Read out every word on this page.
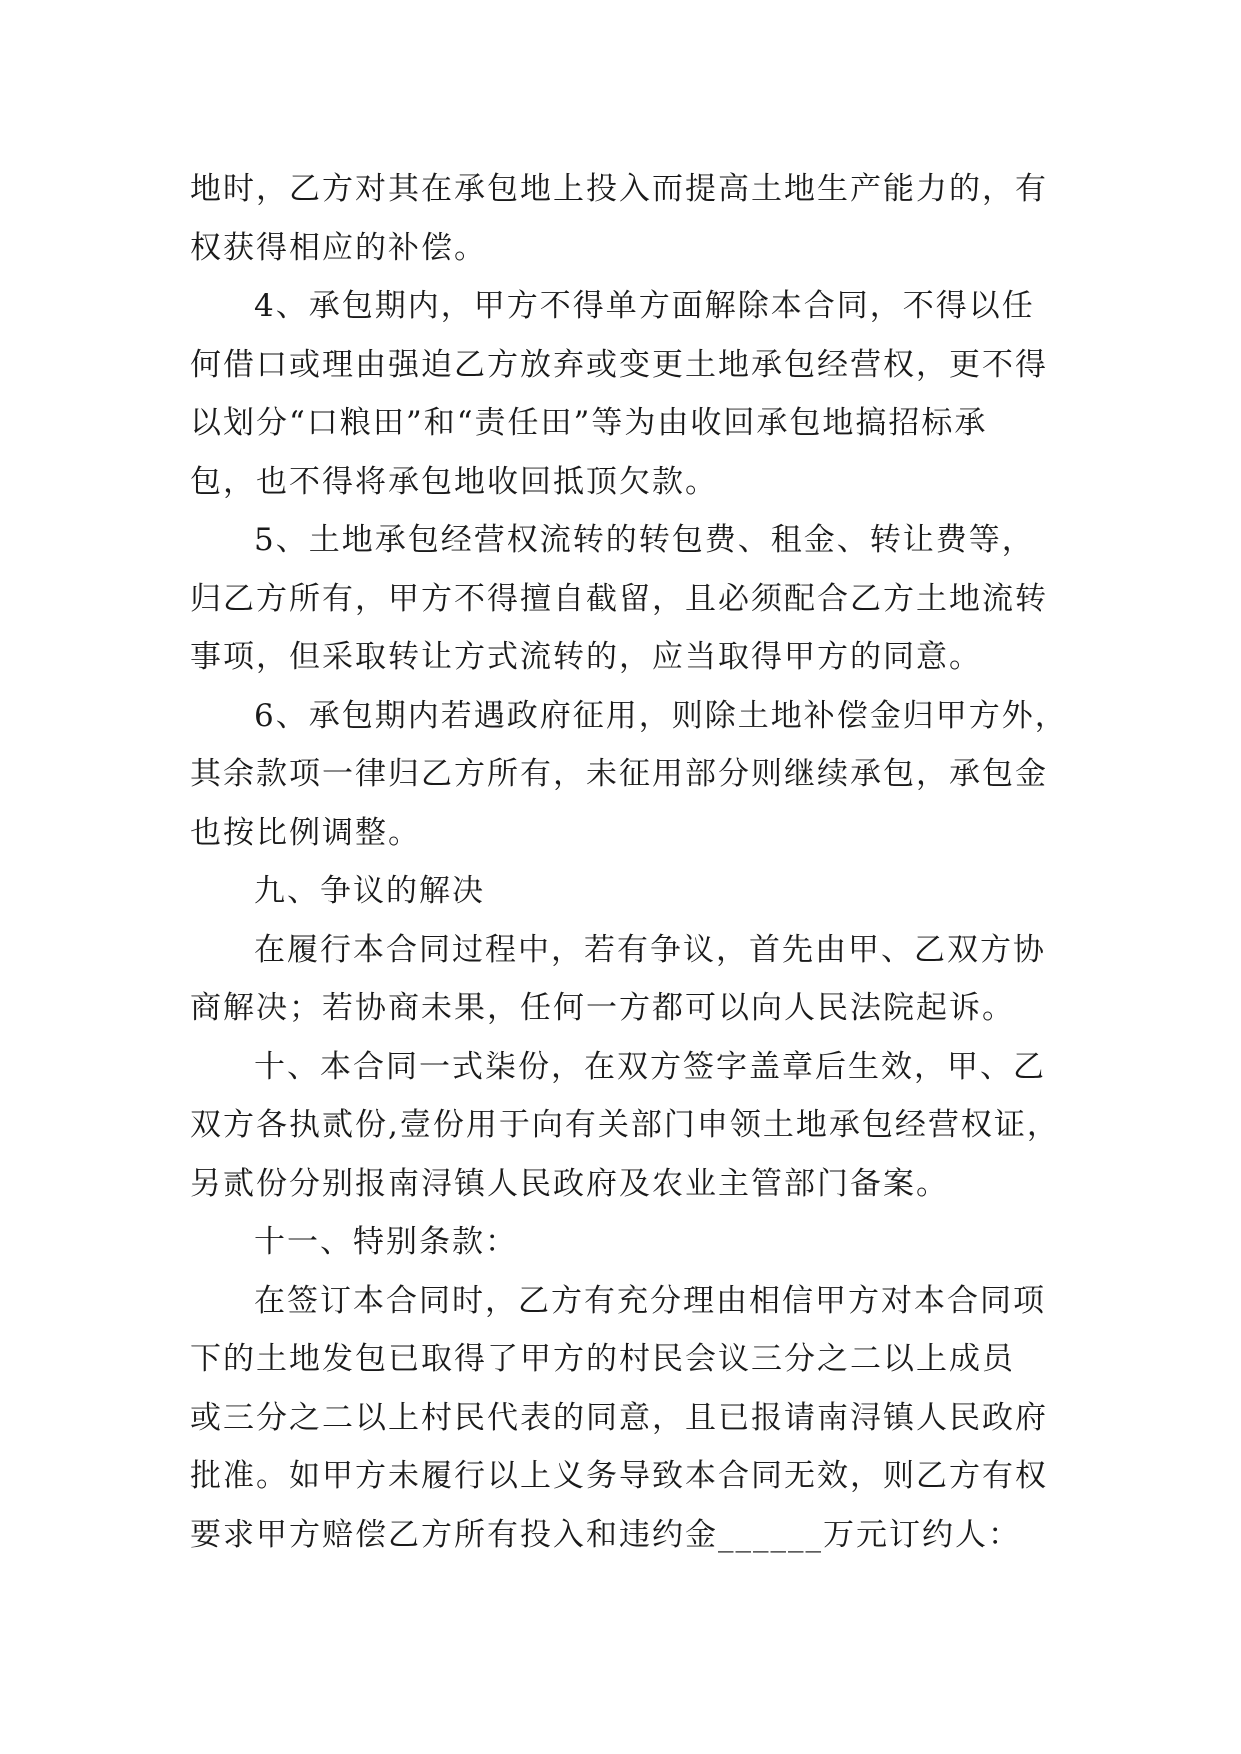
地时，乙方对其在承包地上投入而提高土地生产能力的，有
权获得相应的补偿。
4、承包期内，甲方不得单方面解除本合同，不得以任
何借口或理由强迫乙方放弃或变更土地承包经营权，更不得
以划分“口粮田”和“责任田”等为由收回承包地搞招标承
包，也不得将承包地收回抵顶欠款。
5、土地承包经营权流转的转包费、租金、转让费等，
归乙方所有，甲方不得擅自截留，且必须配合乙方土地流转
事项，但采取转让方式流转的，应当取得甲方的同意。
6、承包期内若遇政府征用，则除土地补偿金归甲方外，
其余款项一律归乙方所有，未征用部分则继续承包，承包金
也按比例调整。
九、争议的解决
在履行本合同过程中，若有争议，首先由甲、乙双方协
商解决；若协商未果，任何一方都可以向人民法院起诉。
十、本合同一式柒份，在双方签字盖章后生效，甲、乙
双方各执贰份,壹份用于向有关部门申领土地承包经营权证，
另贰份分别报南浔镇人民政府及农业主管部门备案。
十一、特别条款：
在签订本合同时，乙方有充分理由相信甲方对本合同项
下的土地发包已取得了甲方的村民会议三分之二以上成员
或三分之二以上村民代表的同意，且已报请南浔镇人民政府
批准。如甲方未履行以上义务导致本合同无效，则乙方有权
要求甲方赔偿乙方所有投入和违约金______万元订约人：
